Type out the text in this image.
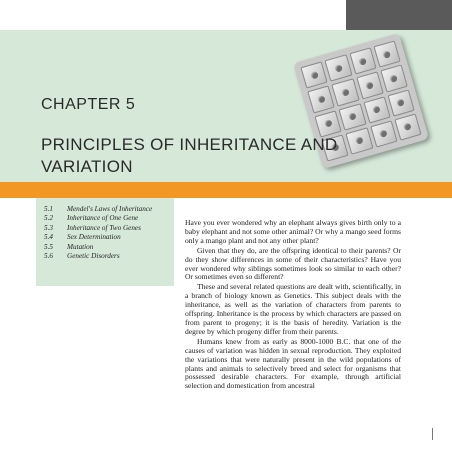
CHAPTER 5
PRINCIPLES OF INHERITANCE AND VARIATION
5.1	Mendel's Laws of Inheritance
5.2	Inheritance of One Gene
5.3	Inheritance of Two Genes
5.4	Sex Determination
5.5	Mutation
5.6	Genetic Disorders

Have you ever wondered why an elephant always gives birth only to a baby elephant and not some other animal? Or why a mango seed forms only a mango plant and not any other plant?

Given that they do, are the offspring identical to their parents? Or do they show differences in some of their characteristics? Have you ever wondered why siblings sometimes look so similar to each other? Or sometimes even so different?

These and several related questions are dealt with, scientifically, in a branch of biology known as Genetics. This subject deals with the inheritance, as well as the variation of characters from parents to offspring. Inheritance is the process by which characters are passed on from parent to progeny; it is the basis of heredity. Variation is the degree by which progeny differ from their parents.

Humans knew from as early as 8000-1000 B.C. that one of the causes of variation was hidden in sexual reproduction. They exploited the variations that were naturally present in the wild populations of plants and animals to selectively breed and select for organisms that possessed desirable characters. For example, through artificial selection and domestication from ancestral
